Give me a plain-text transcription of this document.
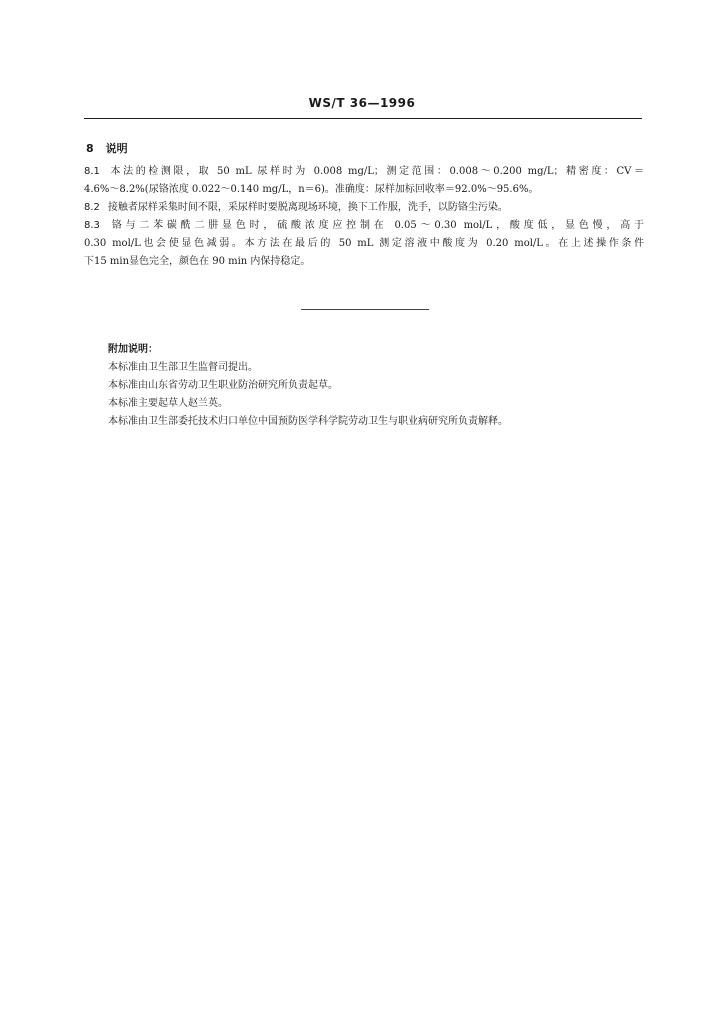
WS/T 36—1996
8 说明
8.1 本法的检测限，取 50 mL 尿样时为 0.008 mg/L；测定范围：0.008～0.200 mg/L；精密度：CV＝
4.6%～8.2%(尿铬浓度 0.022～0.140 mg/L，n＝6)。准确度：尿样加标回收率＝92.0%～95.6%。
8.2 接触者尿样采集时间不限，采尿样时要脱离现场环境，换下工作服，洗手，以防铬尘污染。
8.3 铬与二苯碳酰二肼显色时，硫酸浓度应控制在 0.05～0.30 mol/L，酸度低，显色慢，高于
0.30 mol/L也会使显色减弱。本方法在最后的 50 mL 测定溶液中酸度为 0.20 mol/L。在上述操作条件
下15 min显色完全，颜色在 90 min 内保持稳定。
附加说明：
本标准由卫生部卫生监督司提出。
本标准由山东省劳动卫生职业防治研究所负责起草。
本标准主要起草人赵兰英。
本标准由卫生部委托技术归口单位中国预防医学科学院劳动卫生与职业病研究所负责解释。
